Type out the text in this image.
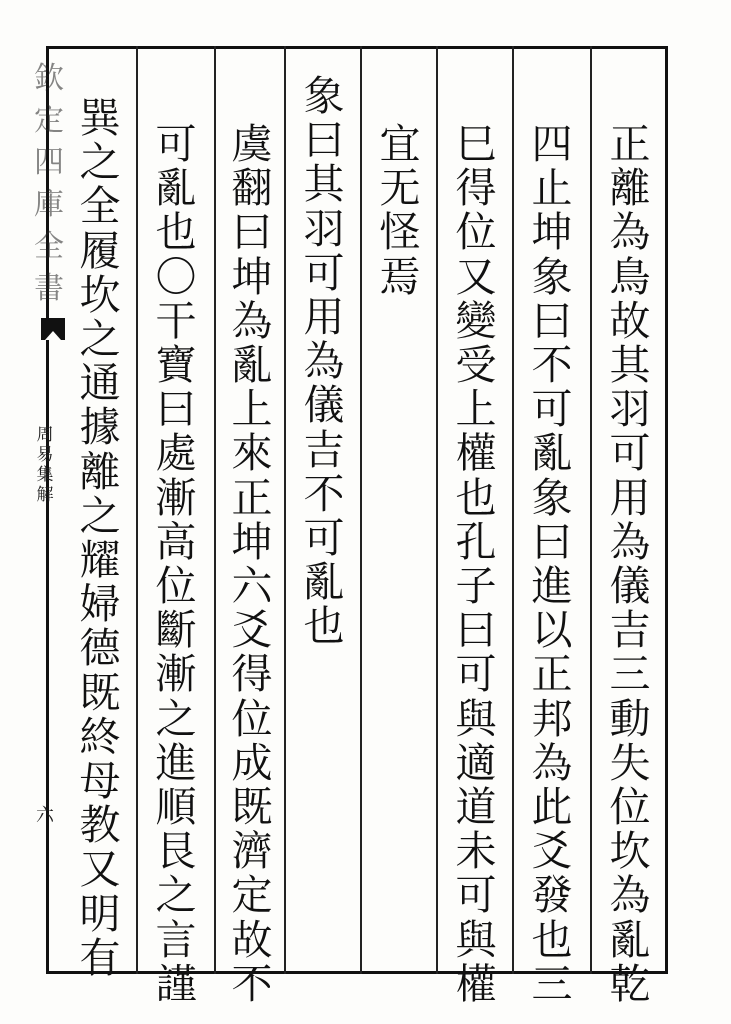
正
離
為
鳥
故
其
羽
可
用
為
儀
吉
三
動
失
位
坎
為
亂
乾
四
止
坤
象
曰
不
可
亂
象
曰
進
以
正
邦
為
此
爻
發
也
三
巳
得
位
又
變
受
上
權
也
孔
子
曰
可
與
適
道
未
可
與
權
宜
无
怪
焉
象
曰
其
羽
可
用
為
儀
吉
不
可
亂
也
虞
翻
曰
坤
為
亂
上
來
正
坤
六
爻
得
位
成
既
濟
定
故
不
可
亂
也
〇
干
寶
曰
處
漸
高
位
斷
漸
之
進
順
艮
之
言
謹
巽
之
全
履
坎
之
通
據
離
之
耀
婦
德
既
終
母
教
又
明
有
欽
定
四
庫
全
書
周
易
集
解
六
